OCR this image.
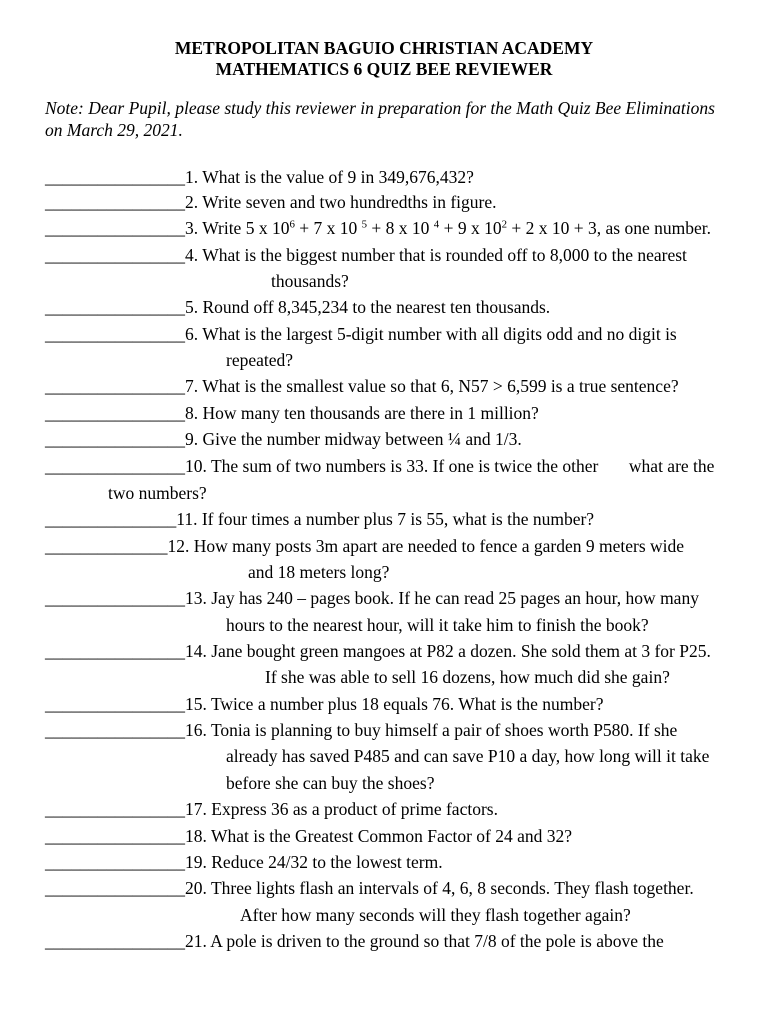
METROPOLITAN BAGUIO CHRISTIAN ACADEMY
MATHEMATICS 6 QUIZ BEE REVIEWER
Note: Dear Pupil, please study this reviewer in preparation for the Math Quiz Bee Eliminations on March 29, 2021.
________________1. What is the value of 9 in 349,676,432?
________________2. Write seven and two hundredths in figure.
________________3. Write 5 x $10^6 + 7$ x 10 $^5$ + 8 x 10 $^4$ + 9 x $10^2 + 2$ x 10 + 3, as one number.
________________4. What is the biggest number that is rounded off to 8,000 to the nearest
thousands?
________________5. Round off 8,345,234 to the nearest ten thousands.
________________6. What is the largest 5-digit number with all digits odd and no digit is
repeated?
________________7. What is the smallest value so that 6, N57 > 6,599 is a true sentence?
________________8. How many ten thousands are there in 1 million?
________________9. Give the number midway between ¼ and 1/3.
________________10. The sum of two numbers is 33. If one is twice the other       what are the
two numbers?
_______________11. If four times a number plus 7 is 55, what is the number?
______________12. How many posts 3m apart are needed to fence a garden 9 meters wide
and 18 meters long?
________________13. Jay has 240 – pages book. If he can read 25 pages an hour, how many
hours to the nearest hour, will it take him to finish the book?
________________14. Jane bought green mangoes at P82 a dozen. She sold them at 3 for P25.
If she was able to sell 16 dozens, how much did she gain?
________________15. Twice a number plus 18 equals 76. What is the number?
________________16. Tonia is planning to buy himself a pair of shoes worth P580. If she
already has saved P485 and can save P10 a day, how long will it take
before she can buy the shoes?
________________17. Express 36 as a product of prime factors.
________________18. What is the Greatest Common Factor of 24 and 32?
________________19. Reduce 24/32 to the lowest term.
________________20. Three lights flash an intervals of 4, 6, 8 seconds. They flash together.
After how many seconds will they flash together again?
________________21. A pole is driven to the ground so that 7/8 of the pole is above the
